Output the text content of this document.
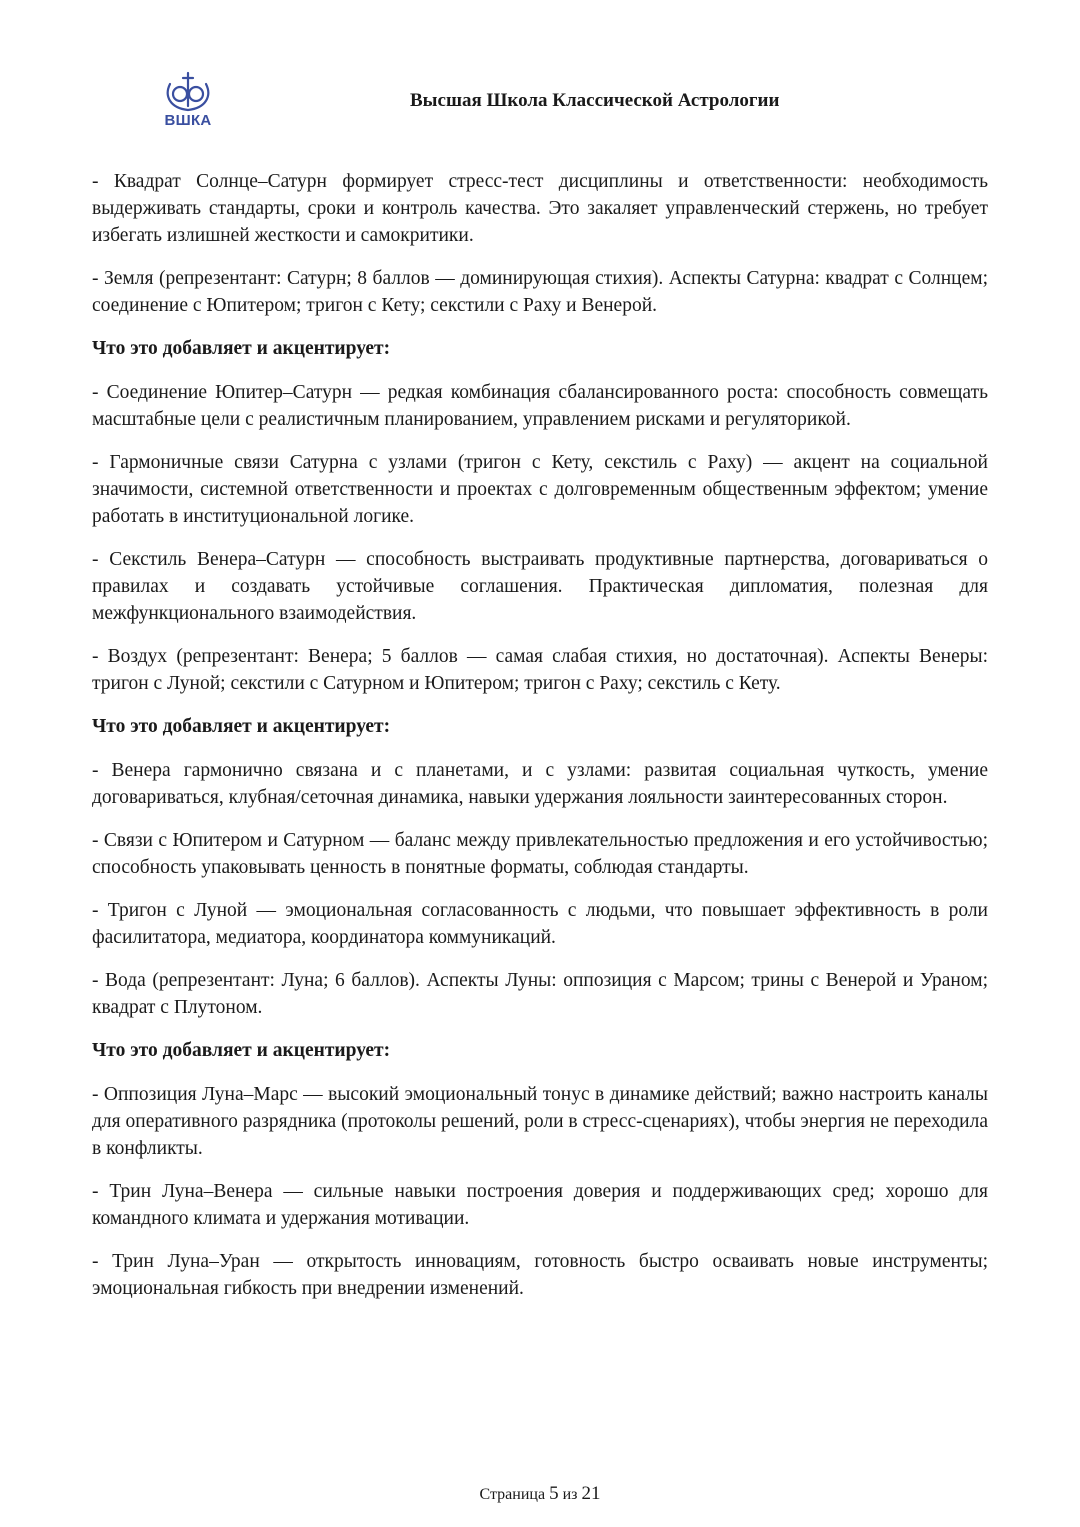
ВШКА
Высшая Школа Классической Астрологии

- Квадрат Солнце–Сатурн формирует стресс-тест дисциплины и ответственности: необходимость выдерживать стандарты, сроки и контроль качества. Это закаляет управленческий стержень, но требует избегать излишней жесткости и самокритики.

- Земля (репрезентант: Сатурн; 8 баллов — доминирующая стихия). Аспекты Сатурна: квадрат с Солнцем; соединение с Юпитером; тригон с Кету; секстили с Раху и Венерой.

Что это добавляет и акцентирует:

- Соединение Юпитер–Сатурн — редкая комбинация сбалансированного роста: способность совмещать масштабные цели с реалистичным планированием, управлением рисками и регуляторикой.

- Гармоничные связи Сатурна с узлами (тригон с Кету, секстиль с Раху) — акцент на социальной значимости, системной ответственности и проектах с долговременным общественным эффектом; умение работать в институциональной логике.

- Секстиль Венера–Сатурн — способность выстраивать продуктивные партнерства, договариваться о правилах и создавать устойчивые соглашения. Практическая дипломатия, полезная для межфункционального взаимодействия.

- Воздух (репрезентант: Венера; 5 баллов — самая слабая стихия, но достаточная). Аспекты Венеры: тригон с Луной; секстили с Сатурном и Юпитером; тригон с Раху; секстиль с Кету.

Что это добавляет и акцентирует:

- Венера гармонично связана и с планетами, и с узлами: развитая социальная чуткость, умение договариваться, клубная/сеточная динамика, навыки удержания лояльности заинтересованных сторон.

- Связи с Юпитером и Сатурном — баланс между привлекательностью предложения и его устойчивостью; способность упаковывать ценность в понятные форматы, соблюдая стандарты.

- Тригон с Луной — эмоциональная согласованность с людьми, что повышает эффективность в роли фасилитатора, медиатора, координатора коммуникаций.

- Вода (репрезентант: Луна; 6 баллов). Аспекты Луны: оппозиция с Марсом; трины с Венерой и Ураном; квадрат с Плутоном.

Что это добавляет и акцентирует:

- Оппозиция Луна–Марс — высокий эмоциональный тонус в динамике действий; важно настроить каналы для оперативного разрядника (протоколы решений, роли в стресс-сценариях), чтобы энергия не переходила в конфликты.

- Трин Луна–Венера — сильные навыки построения доверия и поддерживающих сред; хорошо для командного климата и удержания мотивации.

- Трин Луна–Уран — открытость инновациям, готовность быстро осваивать новые инструменты; эмоциональная гибкость при внедрении изменений.

Страница 5 из 21
